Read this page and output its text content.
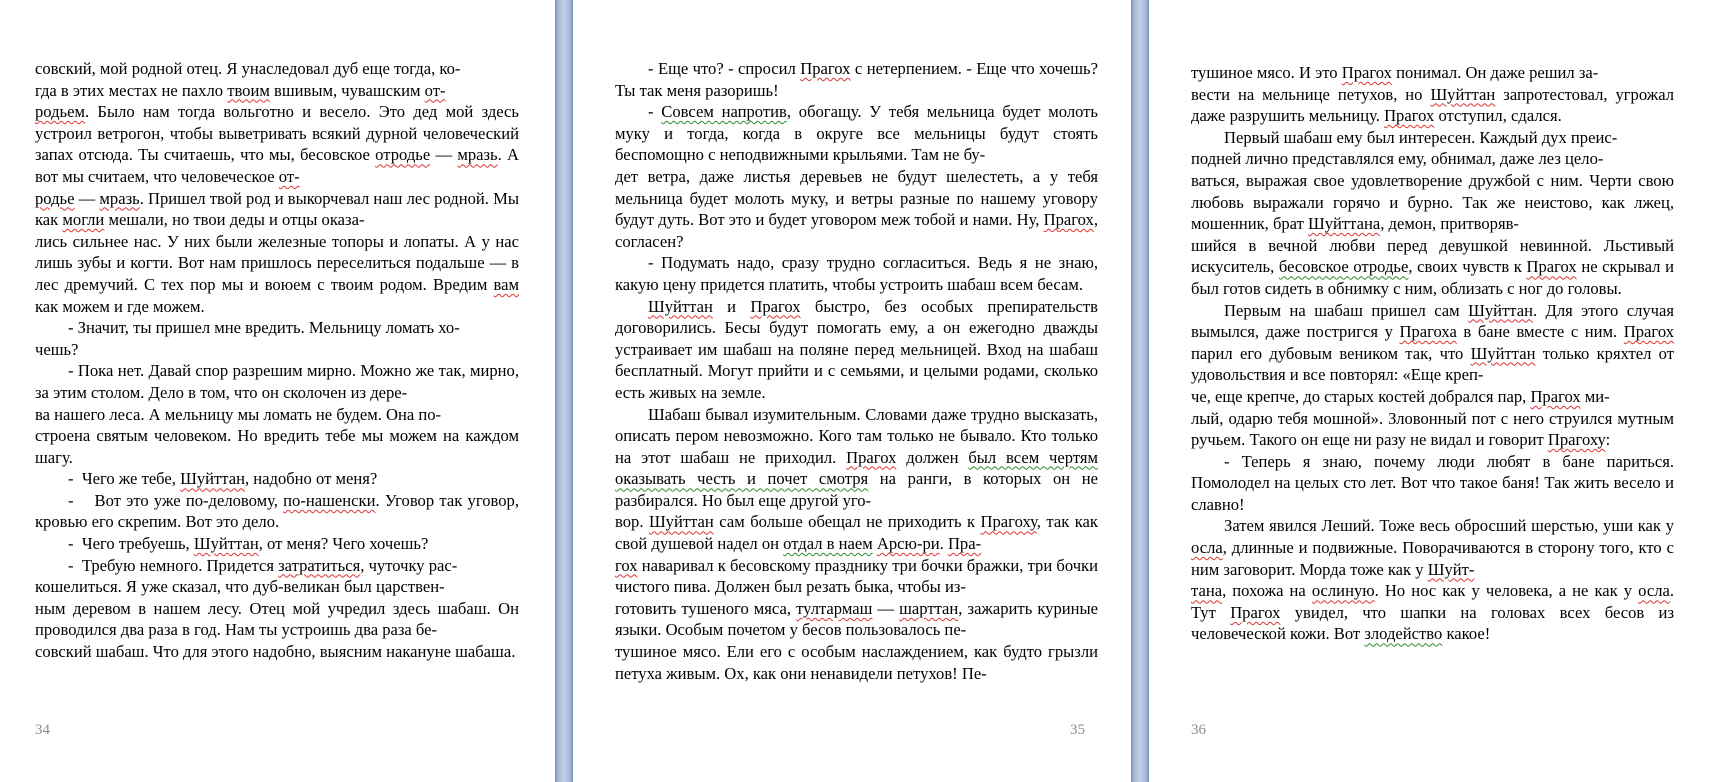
совский, мой родной отец. Я унаследовал дуб еще тогда, ко-
гда в этих местах не пахло твоим вшивым, чувашским от-
родьем. Было нам тогда вольготно и весело. Это дед мой здесь устроил ветрогон, чтобы выветривать всякий дурной человеческий запах отсюда. Ты считаешь, что мы, бесовское отродье — мразь. А вот мы считаем, что человеческое от-
родье — мразь. Пришел твой род и выкорчевал наш лес родной. Мы как могли мешали, но твои деды и отцы оказа-
лись сильнее нас. У них были железные топоры и лопаты. А у нас лишь зубы и когти. Вот нам пришлось переселиться подальше — в лес дремучий. С тех пор мы и воюем с твоим родом. Вредим вам как можем и где можем.

- Значит, ты пришел мне вредить. Мельницу ломать хо-
чешь?

- Пока нет. Давай спор разрешим мирно. Можно же так, мирно, за этим столом. Дело в том, что он сколочен из дере-
ва нашего леса. А мельницу мы ломать не будем. Она по-
строена святым человеком. Но вредить тебе мы можем на каждом шагу.

-  Чего же тебе, Шуйттан, надобно от меня?

-    Вот это уже по-деловому, по-нашенски. Уговор так уговор, кровью его скрепим. Вот это дело.

-  Чего требуешь, Шуйттан, от меня? Чего хочешь?

-  Требую немного. Придется затратиться, чуточку рас-
кошелиться. Я уже сказал, что дуб-великан был царствен-
ным деревом в нашем лесу. Отец мой учредил здесь шабаш. Он проводился два раза в год. Нам ты устроишь два раза бе-
совский шабаш. Что для этого надобно, выясним накануне шабаша.

34

- Еще что? - спросил Прагох с нетерпением. - Еще что хочешь? Ты так меня разоришь!

- Совсем напротив, обогащу. У тебя мельница будет молоть муку и тогда, когда в округе все мельницы будут стоять беспомощно с неподвижными крыльями. Там не бу-
дет ветра, даже листья деревьев не будут шелестеть, а у тебя мельница будет молоть муку, и ветры разные по нашему уговору будут дуть. Вот это и будет уговором меж тобой и нами. Ну, Прагох, согласен?

- Подумать надо, сразу трудно согласиться. Ведь я не знаю, какую цену придется платить, чтобы устроить шабаш всем бесам.

Шуйттан и Прагох быстро, без особых препирательств договорились. Бесы будут помогать ему, а он ежегодно дважды устраивает им шабаш на поляне перед мельницей. Вход на шабаш бесплатный. Могут прийти и с семьями, и целыми родами, сколько есть живых на земле.

Шабаш бывал изумительным. Словами даже трудно высказать, описать пером невозможно. Кого там только не бывало. Кто только на этот шабаш не приходил. Прагох должен был всем чертям оказывать честь и почет смотря на ранги, в которых он не разбирался. Но был еще другой уго-
вор. Шуйттан сам больше обещал не приходить к Прагоху, так как свой душевой надел он отдал в наем Арсю-ри. Пра-
гох наваривал к бесовскому празднику три бочки бражки, три бочки чистого пива. Должен был резать быка, чтобы из-
готовить тушеного мяса, тултармаш — шарттан, зажарить куриные языки. Особым почетом у бесов пользовалось пе-
тушиное мясо. Ели его с особым наслаждением, как будто грызли петуха живым. Ох, как они ненавидели петухов! Пе-

35

тушиное мясо. И это Прагох понимал. Он даже решил за-
вести на мельнице петухов, но Шуйттан запротестовал, угрожал даже разрушить мельницу. Прагох отступил, сдался.

Первый шабаш ему был интересен. Каждый дух преис-
подней лично представлялся ему, обнимал, даже лез цело-
ваться, выражая свое удовлетворение дружбой с ним. Черти свою любовь выражали горячо и бурно. Так же неистово, как лжец, мошенник, брат Шуйттана, демон, притворяв-
шийся в вечной любви перед девушкой невинной. Льстивый искуситель, бесовское отродье, своих чувств к Прагох не скрывал и был готов сидеть в обнимку с ним, облизать с ног до головы.

Первым на шабаш пришел сам Шуйттан. Для этого случая вымылся, даже постригся у Прагоха в бане вместе с ним. Прагох парил его дубовым веником так, что Шуйттан только кряхтел от удовольствия и все повторял: «Еще креп-
че, еще крепче, до старых костей добрался пар, Прагох ми-
лый, одарю тебя мошной». Зловонный пот с него струился мутным ручьем. Такого он еще ни разу не видал и говорит Прагоху:

- Теперь я знаю, почему люди любят в бане париться. Помолодел на целых сто лет. Вот что такое баня! Так жить весело и славно!

Затем явился Леший. Тоже весь обросший шерстью, уши как у осла, длинные и подвижные. Поворачиваются в сторону того, кто с ним заговорит. Морда тоже как у Шуйт-
тана, похожа на ослиную. Но нос как у человека, а не как у осла. Тут Прагох увидел, что шапки на головах всех бесов из человеческой кожи. Вот злодейство какое!

36
